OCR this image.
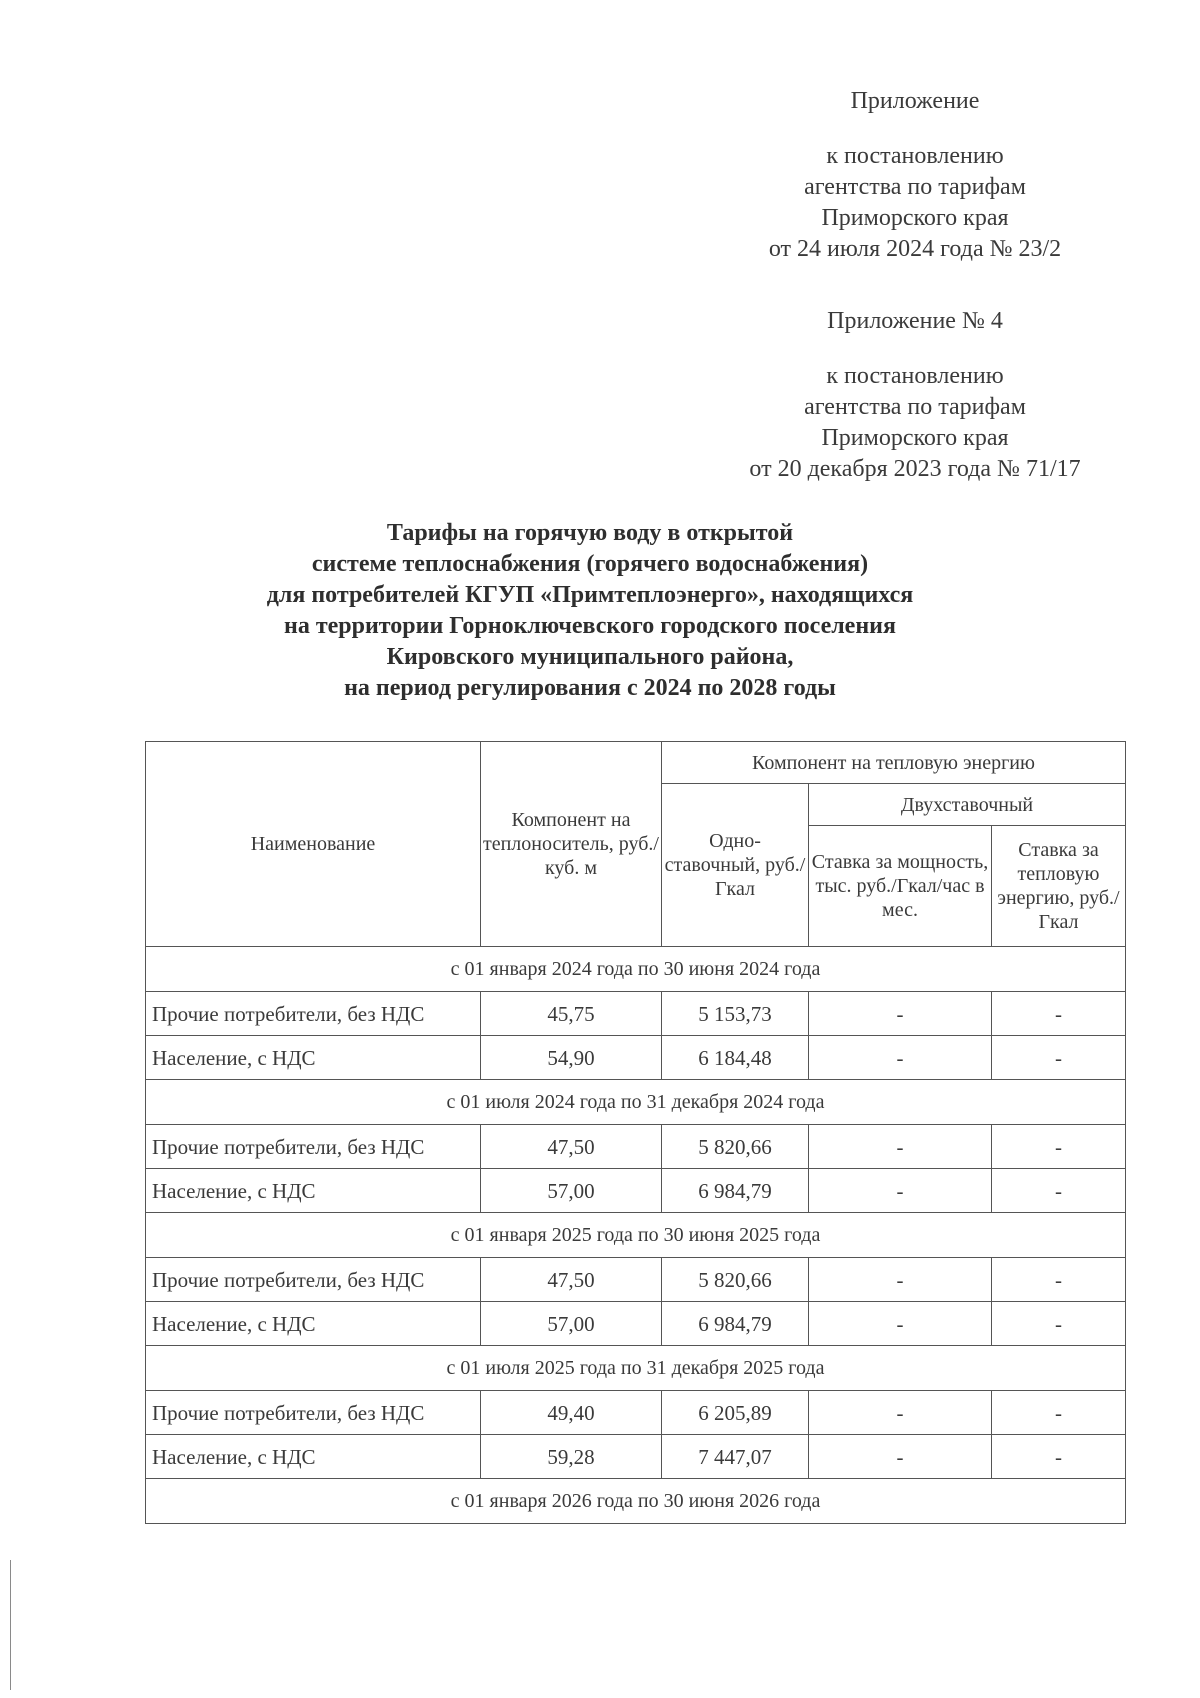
Приложение
к постановлению
агентства по тарифам
Приморского края
от 24 июля 2024 года № 23/2
Приложение № 4
к постановлению
агентства по тарифам
Приморского края
от 20 декабря 2023 года № 71/17
Тарифы на горячую воду в открытой
системе теплоснабжения (горячего водоснабжения)
для потребителей КГУП «Примтеплоэнерго», находящихся
на территории Горноключевского городского поселения
Кировского муниципального района,
на период регулирования с 2024 по 2028 годы
Наименование	Компонент на теплоноситель, руб./куб. м	Компонент на тепловую энергию		
		Одно-ставочный, руб./Гкал	Двухставочный	
			Ставка за мощность, тыс. руб./Гкал/час в мес.	Ставка за тепловую энергию, руб./Гкал
с 01 января 2024 года по 30 июня 2024 года				
Прочие потребители, без НДС	45,75	5 153,73	-	-
Население, с НДС	54,90	6 184,48	-	-
с 01 июля 2024 года по 31 декабря 2024 года				
Прочие потребители, без НДС	47,50	5 820,66	-	-
Население, с НДС	57,00	6 984,79	-	-
с 01 января 2025 года по 30 июня 2025 года				
Прочие потребители, без НДС	47,50	5 820,66	-	-
Население, с НДС	57,00	6 984,79	-	-
с 01 июля 2025 года по 31 декабря 2025 года				
Прочие потребители, без НДС	49,40	6 205,89	-	-
Население, с НДС	59,28	7 447,07	-	-
с 01 января 2026 года по 30 июня 2026 года				
